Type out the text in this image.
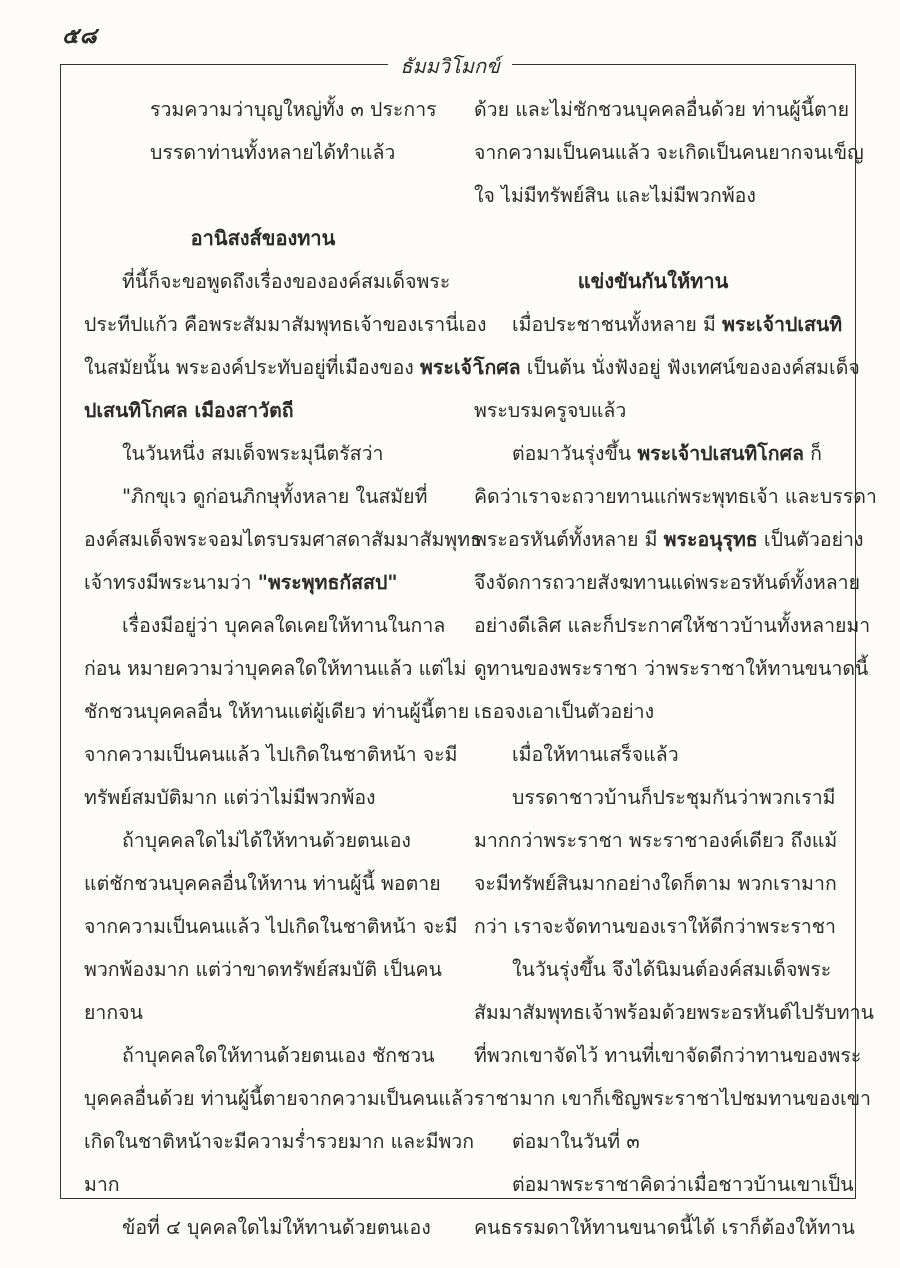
๕๘
ธัมมวิโมกข์
รวมความว่าบุญใหญ่ทั้ง ๓ ประการ
บรรดาท่านทั้งหลายได้ทำแล้ว
อานิสงส์ของทาน
ที่นี้ก็จะขอพูดถึงเรื่องขององค์สมเด็จพระ
ประทีปแก้ว คือพระสัมมาสัมพุทธเจ้าของเรานี่เอง
ในสมัยนั้น พระองค์ประทับอยู่ที่เมืองของ พระเจ้า
ปเสนทิโกศล เมืองสาวัตถี
ในวันหนึ่ง สมเด็จพระมุนีตรัสว่า
"ภิกขุเว ดูก่อนภิกษุทั้งหลาย ในสมัยที่
องค์สมเด็จพระจอมไตรบรมศาสดาสัมมาสัมพุทธ
เจ้าทรงมีพระนามว่า "พระพุทธกัสสป"
เรื่องมีอยู่ว่า บุคคลใดเคยให้ทานในกาล
ก่อน หมายความว่าบุคคลใดให้ทานแล้ว แต่ไม่
ชักชวนบุคคลอื่น ให้ทานแต่ผู้เดียว ท่านผู้นี้ตาย
จากความเป็นคนแล้ว ไปเกิดในชาติหน้า จะมี
ทรัพย์สมบัติมาก แต่ว่าไม่มีพวกพ้อง
ถ้าบุคคลใดไม่ได้ให้ทานด้วยตนเอง
แต่ชักชวนบุคคลอื่นให้ทาน ท่านผู้นี้ พอตาย
จากความเป็นคนแล้ว ไปเกิดในชาติหน้า จะมี
พวกพ้องมาก แต่ว่าขาดทรัพย์สมบัติ เป็นคน
ยากจน
ถ้าบุคคลใดให้ทานด้วยตนเอง ชักชวน
บุคคลอื่นด้วย ท่านผู้นี้ตายจากความเป็นคนแล้ว
เกิดในชาติหน้าจะมีความร่ำรวยมาก และมีพวก
มาก
ข้อที่ ๔ บุคคลใดไม่ให้ทานด้วยตนเอง
ด้วย และไม่ชักชวนบุคคลอื่นด้วย ท่านผู้นี้ตาย
จากความเป็นคนแล้ว จะเกิดเป็นคนยากจนเข็ญ
ใจ ไม่มีทรัพย์สิน และไม่มีพวกพ้อง
แข่งขันกันให้ทาน
เมื่อประชาชนทั้งหลาย มี พระเจ้าปเสนทิ
โกศล เป็นต้น นั่งฟังอยู่ ฟังเทศน์ขององค์สมเด็จ
พระบรมครูจบแล้ว
ต่อมาวันรุ่งขึ้น พระเจ้าปเสนทิโกศล ก็
คิดว่าเราจะถวายทานแก่พระพุทธเจ้า และบรรดา
พระอรหันต์ทั้งหลาย มี พระอนุรุทธ เป็นตัวอย่าง
จึงจัดการถวายสังฆทานแด่พระอรหันต์ทั้งหลาย
อย่างดีเลิศ และก็ประกาศให้ชาวบ้านทั้งหลายมา
ดูทานของพระราชา ว่าพระราชาให้ทานขนาดนี้
เธอจงเอาเป็นตัวอย่าง
เมื่อให้ทานเสร็จแล้ว
บรรดาชาวบ้านก็ประชุมกันว่าพวกเรามี
มากกว่าพระราชา พระราชาองค์เดียว ถึงแม้
จะมีทรัพย์สินมากอย่างใดก็ตาม พวกเรามาก
กว่า เราจะจัดทานของเราให้ดีกว่าพระราชา
ในวันรุ่งขึ้น จึงได้นิมนต์องค์สมเด็จพระ
สัมมาสัมพุทธเจ้าพร้อมด้วยพระอรหันต์ไปรับทาน
ที่พวกเขาจัดไว้ ทานที่เขาจัดดีกว่าทานของพระ
ราชามาก เขาก็เชิญพระราชาไปชมทานของเขา
ต่อมาในวันที่ ๓
ต่อมาพระราชาคิดว่าเมื่อชาวบ้านเขาเป็น
คนธรรมดาให้ทานขนาดนี้ได้ เราก็ต้องให้ทาน
